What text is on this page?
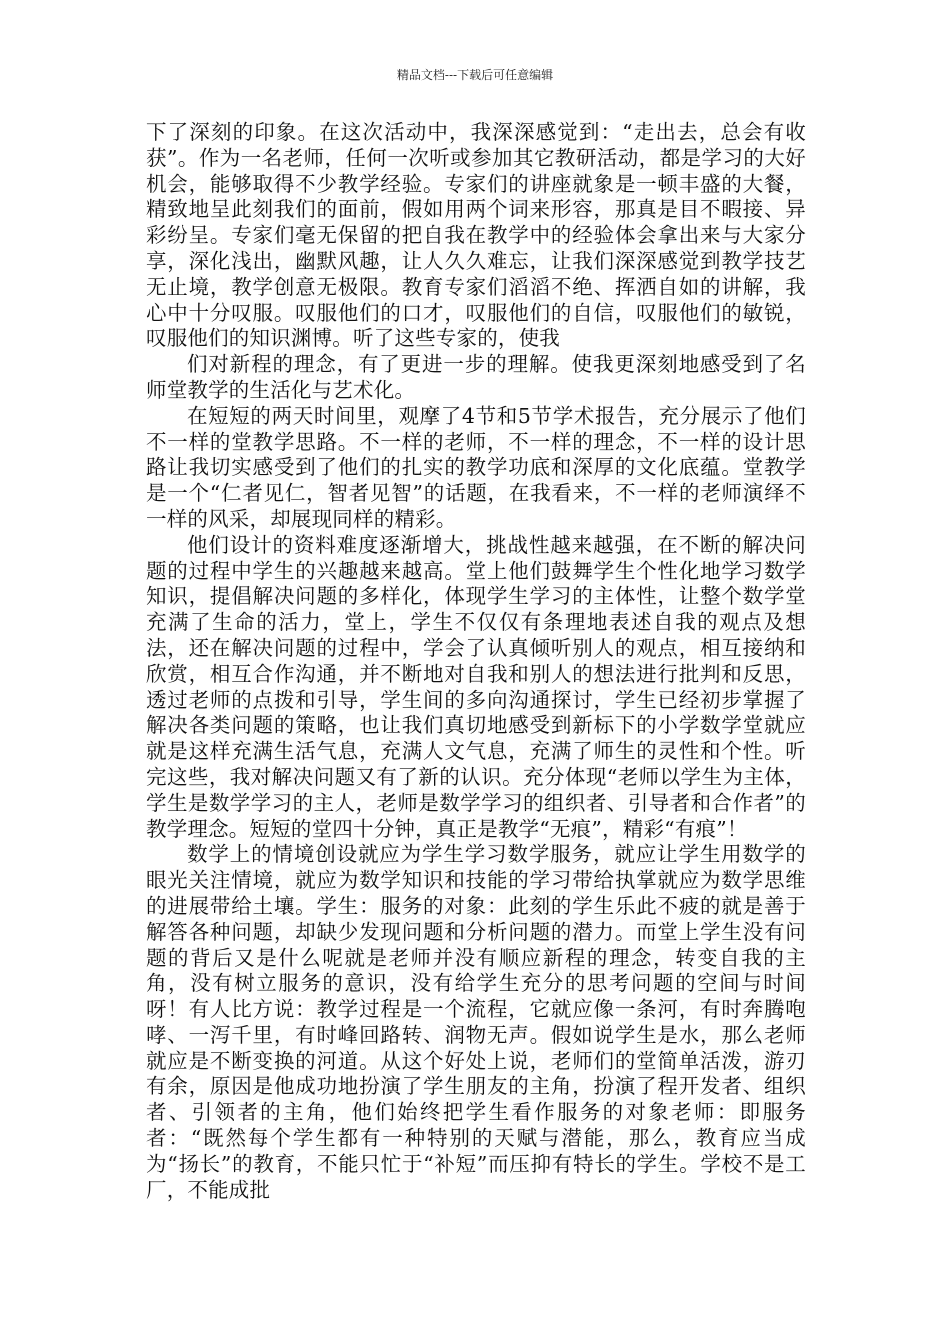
精品文档---下载后可任意编辑

下了深刻的印象。在这次活动中，我深深感觉到：“走出去，总会有收获”。作为一名老师，任何一次听或参加其它教研活动，都是学习的大好机会，能够取得不少教学经验。专家们的讲座就象是一顿丰盛的大餐，精致地呈此刻我们的面前，假如用两个词来形容，那真是目不暇接、异彩纷呈。专家们毫无保留的把自我在教学中的经验体会拿出来与大家分享，深化浅出，幽默风趣，让人久久难忘，让我们深深感觉到教学技艺无止境，教学创意无极限。教育专家们滔滔不绝、挥洒自如的讲解，我心中十分叹服。叹服他们的口才，叹服他们的自信，叹服他们的敏锐，叹服他们的知识渊博。听了这些专家的，使我

们对新程的理念，有了更进一步的理解。使我更深刻地感受到了名师堂教学的生活化与艺术化。

在短短的两天时间里，观摩了4节和5节学术报告，充分展示了他们不一样的堂教学思路。不一样的老师，不一样的理念，不一样的设计思路让我切实感受到了他们的扎实的教学功底和深厚的文化底蕴。堂教学是一个“仁者见仁，智者见智”的话题，在我看来，不一样的老师演绎不一样的风采，却展现同样的精彩。

他们设计的资料难度逐渐增大，挑战性越来越强，在不断的解决问题的过程中学生的兴趣越来越高。堂上他们鼓舞学生个性化地学习数学知识，提倡解决问题的多样化，体现学生学习的主体性，让整个数学堂充满了生命的活力，堂上，学生不仅仅有条理地表述自我的观点及想法，还在解决问题的过程中，学会了认真倾听别人的观点，相互接纳和欣赏，相互合作沟通，并不断地对自我和别人的想法进行批判和反思，透过老师的点拨和引导，学生间的多向沟通探讨，学生已经初步掌握了解决各类问题的策略，也让我们真切地感受到新标下的小学数学堂就应就是这样充满生活气息，充满人文气息，充满了师生的灵性和个性。听完这些，我对解决问题又有了新的认识。充分体现“老师以学生为主体，学生是数学学习的主人，老师是数学学习的组织者、引导者和合作者”的教学理念。短短的堂四十分钟，真正是教学“无痕”，精彩“有痕”！

数学上的情境创设就应为学生学习数学服务，就应让学生用数学的眼光关注情境，就应为数学知识和技能的学习带给执掌就应为数学思维的进展带给土壤。学生：服务的对象：此刻的学生乐此不疲的就是善于解答各种问题，却缺少发现问题和分析问题的潜力。而堂上学生没有问题的背后又是什么呢就是老师并没有顺应新程的理念，转变自我的主角，没有树立服务的意识，没有给学生充分的思考问题的空间与时间呀！有人比方说：教学过程是一个流程，它就应像一条河，有时奔腾咆哮、一泻千里，有时峰回路转、润物无声。假如说学生是水，那么老师就应是不断变换的河道。从这个好处上说，老师们的堂简单活泼，游刃有余，原因是他成功地扮演了学生朋友的主角，扮演了程开发者、组织者、引领者的主角，他们始终把学生看作服务的对象老师：即服务者：“既然每个学生都有一种特别的天赋与潜能，那么，教育应当成为“扬长”的教育，不能只忙于“补短”而压抑有特长的学生。学校不是工厂，不能成批
